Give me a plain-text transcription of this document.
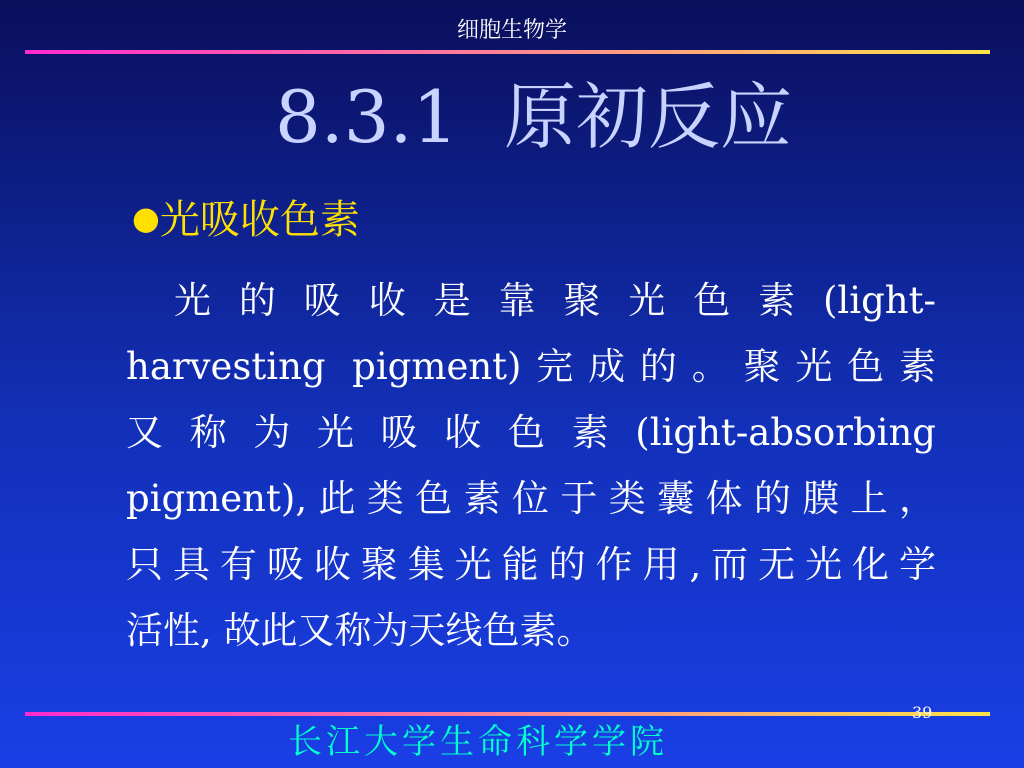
细胞生物学
8.3.1  原初反应
●光吸收色素
光 的 吸 收 是 靠 聚 光 色 素 (light-
harvesting pigment)完成的。聚光色素
又 称 为 光 吸 收 色 素 (light-absorbing
pigment),此类色素位于类囊体的膜上，
只具有吸收聚集光能的作用,而无光化学
活性, 故此又称为天线色素。
39
长江大学生命科学学院
